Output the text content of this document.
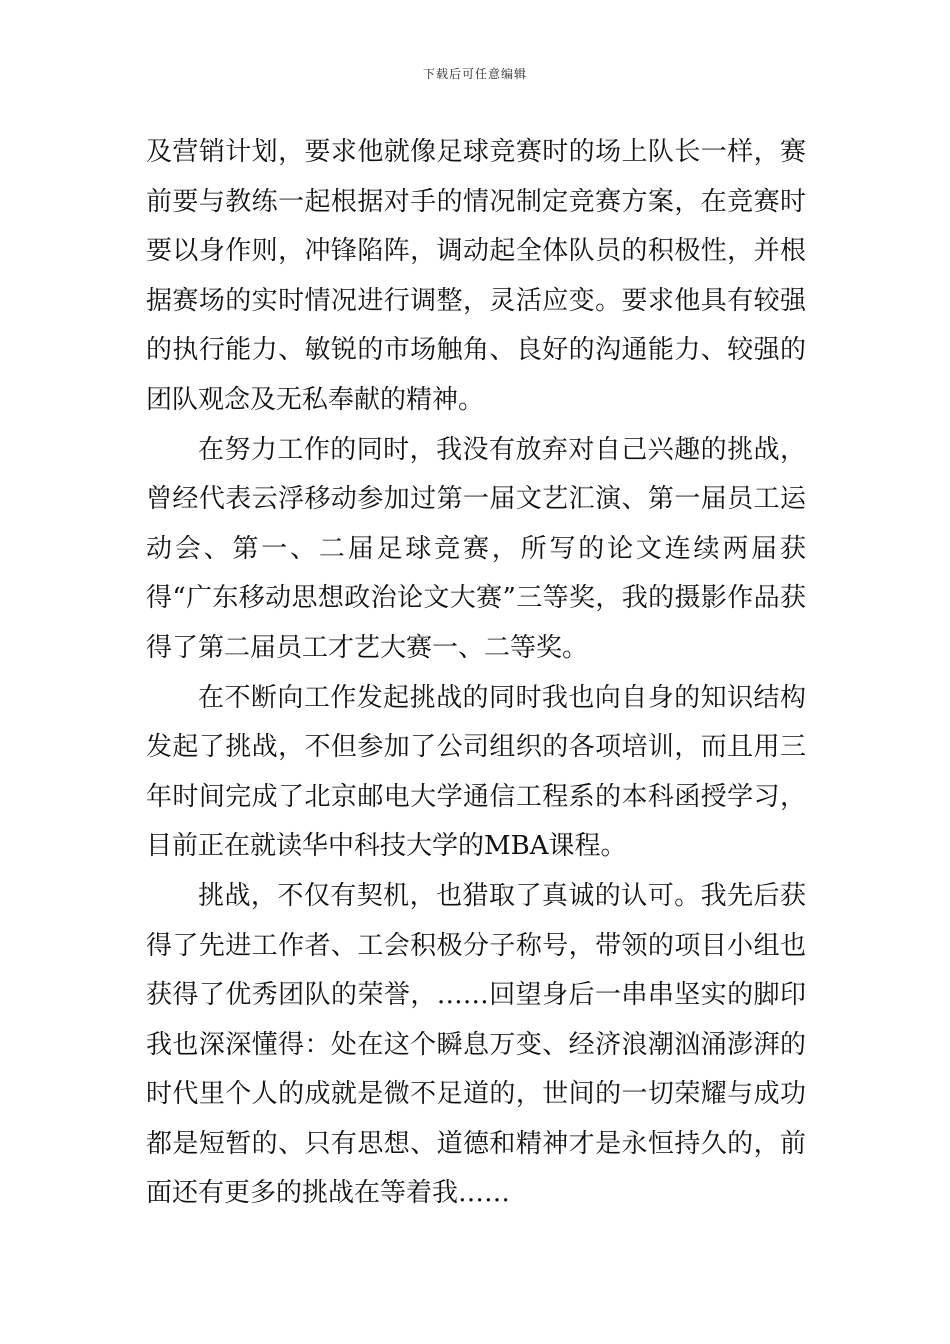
下载后可任意编辑

及营销计划，要求他就像足球竞赛时的场上队长一样，赛前要与教练一起根据对手的情况制定竞赛方案，在竞赛时要以身作则，冲锋陷阵，调动起全体队员的积极性，并根据赛场的实时情况进行调整，灵活应变。要求他具有较强的执行能力、敏锐的市场触角、良好的沟通能力、较强的团队观念及无私奉献的精神。

在努力工作的同时，我没有放弃对自己兴趣的挑战，曾经代表云浮移动参加过第一届文艺汇演、第一届员工运动会、第一、二届足球竞赛，所写的论文连续两届获得“广东移动思想政治论文大赛”三等奖，我的摄影作品获得了第二届员工才艺大赛一、二等奖。

在不断向工作发起挑战的同时我也向自身的知识结构发起了挑战，不但参加了公司组织的各项培训，而且用三年时间完成了北京邮电大学通信工程系的本科函授学习，目前正在就读华中科技大学的MBA课程。

挑战，不仅有契机，也猎取了真诚的认可。我先后获得了先进工作者、工会积极分子称号，带领的项目小组也获得了优秀团队的荣誉，……回望身后一串串坚实的脚印我也深深懂得：处在这个瞬息万变、经济浪潮汹涌澎湃的时代里个人的成就是微不足道的，世间的一切荣耀与成功都是短暂的、只有思想、道德和精神才是永恒持久的，前面还有更多的挑战在等着我……
